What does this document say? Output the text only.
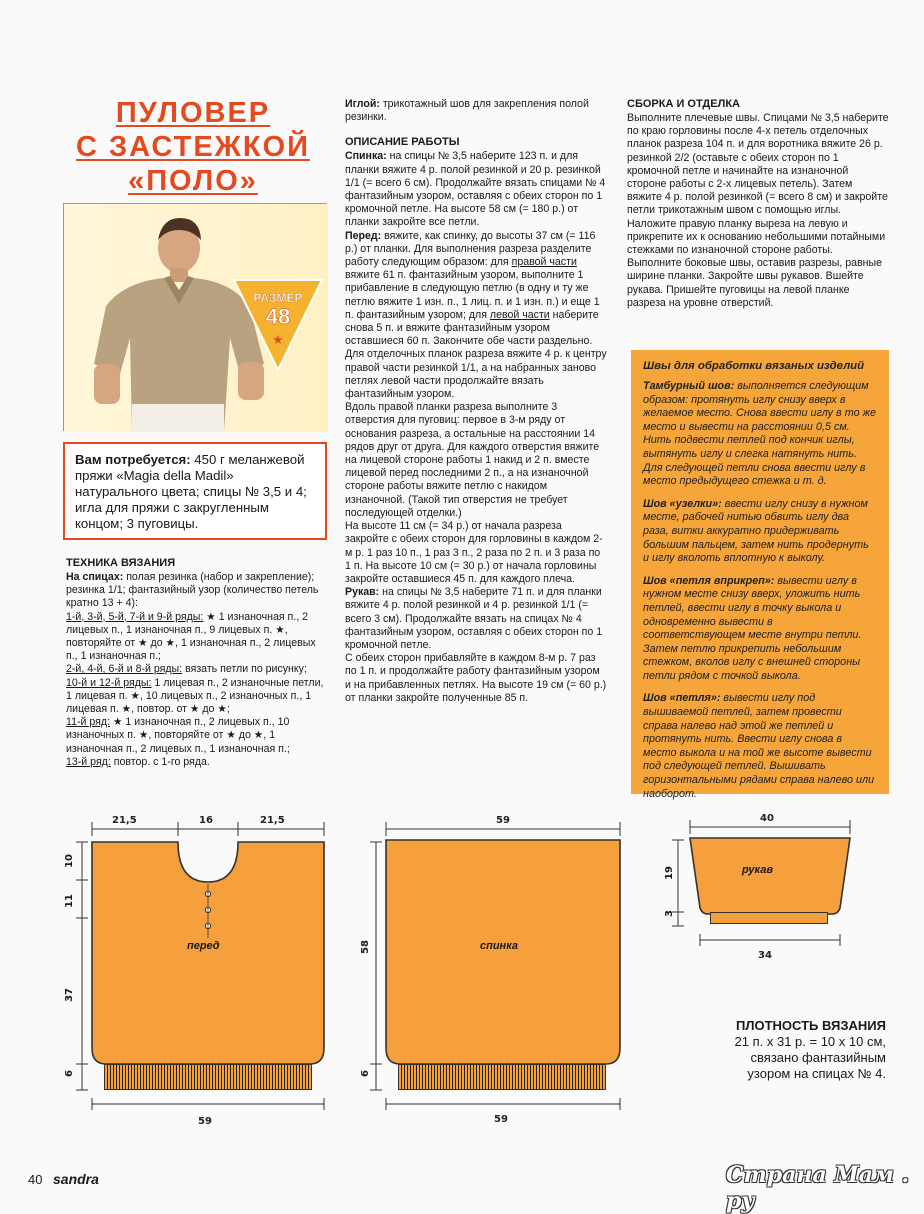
ПУЛОВЕР
С ЗАСТЕЖКОЙ
«ПОЛО»
РАЗМЕР
48
★
Вам потребуется: 450 г меланжевой пряжи «Magia della Madil» натурального цвета; спицы № 3,5 и 4; игла для пряжи с закругленным концом; 3 пуговицы.
ТЕХНИКА ВЯЗАНИЯ

На спицах: полая резинка (набор и закрепление); резинка 1/1; фантазийный узор (количество петель кратно 13 + 4):

1-й, 3-й, 5-й, 7-й и 9-й ряды: ★ 1 изнаночная п., 2 лицевых п., 1 изнаночная п., 9 лицевых п. ★, повторяйте от ★ до ★, 1 изнаночная п., 2 лицевых п., 1 изнаночная п.;

2-й, 4-й, 6-й и 8-й ряды: вязать петли по рисунку;

10-й и 12-й ряды: 1 лицевая п., 2 изнаночные петли, 1 лицевая п. ★, 10 лицевых п., 2 изнаночных п., 1 лицевая п. ★, повтор. от ★ до ★;

11-й ряд: ★ 1 изнаночная п., 2 лицевых п., 10 изнаночных п. ★, повторяйте от ★ до ★, 1 изнаночная п., 2 лицевых п., 1 изнаночная п.;

13-й ряд: повтор. с 1-го ряда.

Иглой: трикотажный шов для закрепления полой резинки.

ОПИСАНИЕ РАБОТЫ

Спинка: на спицы № 3,5 наберите 123 п. и для планки вяжите 4 р. полой резинкой и 20 р. резинкой 1/1 (= всего 6 см). Продолжайте вязать спицами № 4 фантазийным узором, оставляя с обеих сторон по 1 кромочной петле. На высоте 58 см (= 180 р.) от планки закройте все петли.

Перед: вяжите, как спинку, до высоты 37 см (= 116 р.) от планки. Для выполнения разреза разделите работу следующим образом: для правой части вяжите 61 п. фантазийным узором, выполните 1 прибавление в следующую петлю (в одну и ту же петлю вяжите 1 изн. п., 1 лиц. п. и 1 изн. п.) и еще 1 п. фантазийным узором; для левой части наберите снова 5 п. и вяжите фантазийным узором оставшиеся 60 п. Закончите обе части раздельно. Для отделочных планок разреза вяжите 4 р. к центру правой части резинкой 1/1, а на набранных заново петлях левой части продолжайте вязать фантазийным узором.

Вдоль правой планки разреза выполните 3 отверстия для пуговиц: первое в 3-м ряду от основания разреза, а остальные на расстоянии 14 рядов друг от друга. Для каждого отверстия вяжите на лицевой стороне работы 1 накид и 2 п. вместе лицевой перед последними 2 п., а на изнаночной стороне работы вяжите петлю с накидом изнаночной. (Такой тип отверстия не требует последующей отделки.)

На высоте 11 см (= 34 р.) от начала разреза закройте с обеих сторон для горловины в каждом 2-м р. 1 раз 10 п., 1 раз 3 п., 2 раза по 2 п. и 3 раза по 1 п. На высоте 10 см (= 30 р.) от начала горловины закройте оставшиеся 45 п. для каждого плеча.

Рукав: на спицы № 3,5 наберите 71 п. и для планки вяжите 4 р. полой резинкой и 4 р. резинкой 1/1 (= всего 3 см). Продолжайте вязать на спицах № 4 фантазийным узором, оставляя с обеих сторон по 1 кромочной петле.

С обеих сторон прибавляйте в каждом 8-м р. 7 раз по 1 п. и продолжайте работу фантазийным узором и на прибавленных петлях. На высоте 19 см (= 60 р.) от планки закройте полученные 85 п.

СБОРКА И ОТДЕЛКА

Выполните плечевые швы. Спицами № 3,5 наберите по краю горловины после 4-х петель отделочных планок разреза 104 п. и для воротника вяжите 26 р. резинкой 2/2 (оставьте с обеих сторон по 1 кромочной петле и начинайте на изнаночной стороне работы с 2-х лицевых петель). Затем вяжите 4 р. полой резинкой (= всего 8 см) и закройте петли трикотажным швом с помощью иглы.

Наложите правую планку выреза на левую и прикрепите их к основанию небольшими потайными стежками по изнаночной стороне работы. Выполните боковые швы, оставив разрезы, равные ширине планки. Закройте швы рукавов. Вшейте рукава. Пришейте пуговицы на левой планке разреза на уровне отверстий.

Швы для обработки вязаных изделий

Тамбурный шов: выполняется следующим образом: протянуть иглу снизу вверх в желаемое место. Снова ввести иглу в то же место и вывести на расстоянии 0,5 см. Нить подвести петлей под кончик иглы, вытянуть иглу и слегка натянуть нить. Для следующей петли снова ввести иглу в место предыдущего стежка и т. д.

Шов «узелки»: ввести иглу снизу в нужном месте, рабочей нитью обвить иглу два раза, витки аккуратно придерживать большим пальцем, затем нить продернуть и иглу вколоть вплотную к выколу.

Шов «петля вприкреп»: вывести иглу в нужном месте снизу вверх, уложить нить петлей, ввести иглу в точку выкола и одновременно вывести в соответствующем месте внутри петли. Затем петлю прикрепить небольшим стежком, вколов иглу с внешней стороны петли рядом с точкой выкола.

Шов «петля»: вывести иглу под вышиваемой петлей, затем провести справа налево над этой же петлей и протянуть нить. Ввести иглу снова в место выкола и на той же высоте вывести под следующей петлей. Вышивать горизонтальными рядами справа налево или наоборот.

21,5	16	21,5
перед
10
11
37
6
59
59
спинка
58
6
59
40
рукав
19
3
34
ПЛОТНОСТЬ ВЯЗАНИЯ
21 п. x 31 р. = 10 x 10 см, связано фантазийным узором на спицах № 4.
40 sandra	Страна Мам . ру
